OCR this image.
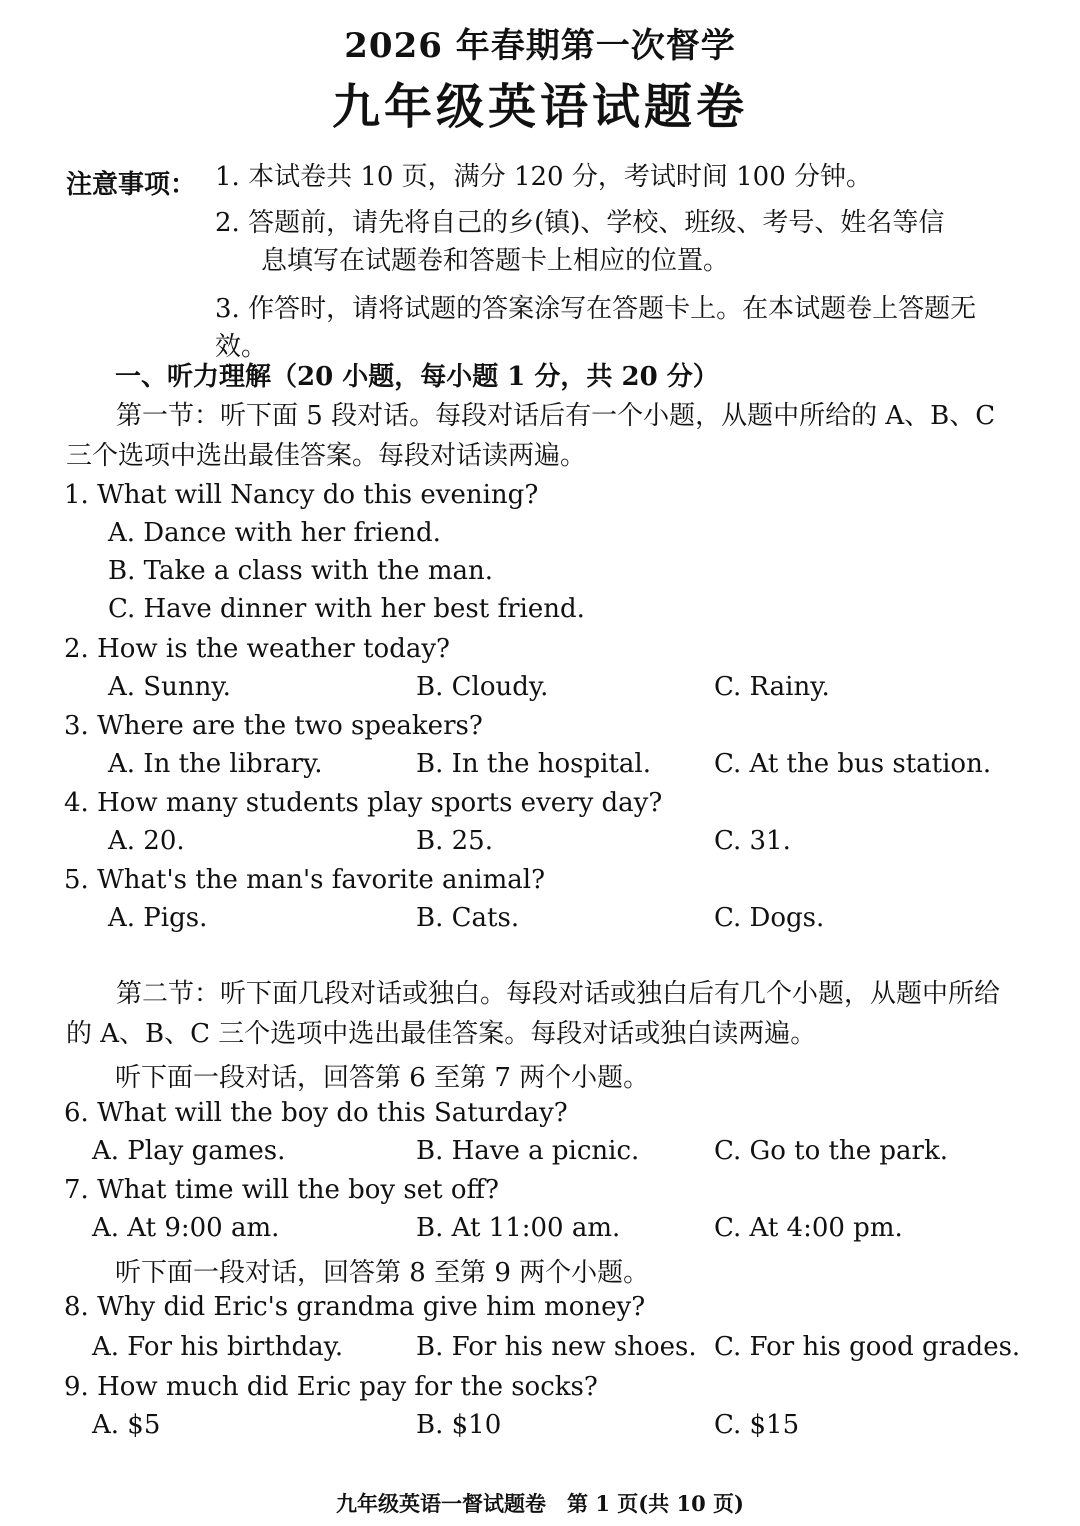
2026 年春期第一次督学
九年级英语试题卷
注意事项： 1. 本试卷共 10 页，满分 120 分，考试时间 100 分钟。
2. 答题前，请先将自己的乡(镇)、学校、班级、考号、姓名等信
息填写在试题卷和答题卡上相应的位置。
3. 作答时，请将试题的答案涂写在答题卡上。在本试题卷上答题无效。
一、听力理解（20 小题，每小题 1 分，共 20 分）
第一节：听下面 5 段对话。每段对话后有一个小题，从题中所给的 A、B、C 三个选项中选出最佳答案。每段对话读两遍。
1. What will Nancy do this evening?
A. Dance with her friend.
B. Take a class with the man.
C. Have dinner with her best friend.
2. How is the weather today?
A. Sunny.	B. Cloudy.	C. Rainy.
3. Where are the two speakers?
A. In the library.	B. In the hospital. C. At the bus station.
4. How many students play sports every day?
A. 20.	B. 25.	C. 31.
5. What's the man's favorite animal?
A. Pigs.	B. Cats.	C. Dogs.
第二节：听下面几段对话或独白。每段对话或独白后有几个小题，从题中所给的 A、B、C 三个选项中选出最佳答案。每段对话或独白读两遍。
听下面一段对话，回答第 6 至第 7 两个小题。
6. What will the boy do this Saturday?
A. Play games.	B. Have a picnic.	C. Go to the park.
7. What time will the boy set off?
A. At 9:00 am.	B. At 11:00 am.	C. At 4:00 pm.
听下面一段对话，回答第 8 至第 9 两个小题。
8. Why did Eric's grandma give him money?
A. For his birthday.	B. For his new shoes. C. For his good grades.
9. How much did Eric pay for the socks?
A. $5	B. $10	C. $15
九年级英语一督试题卷　第 1 页(共 10 页)
